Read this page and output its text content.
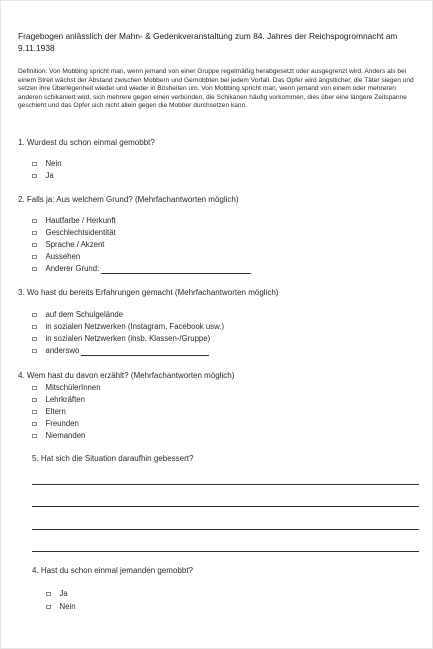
Fragebogen anlässlich der Mahn- & Gedenkveranstaltung zum 84. Jahres der Reichspogromnacht am
9.11.1938
Definition: Von Mobbing spricht man, wenn jemand von einer Gruppe regelmäßig herabgesetzt oder ausgegrenzt wird. Anders als bei einem Streit wächst der Abstand zwischen Mobbern und Gemobbten bei jedem Vorfall. Das Opfer wird ängstlicher, die Täter siegen und setzen ihre Überlegenheit wieder und wieder in Bösheiten um. Von Mobbing spricht man, wenn jemand von einem oder mehreren anderen schikaniert wird, sich mehrere gegen einen verbünden, die Schikanen häufig vorkommen, dies über eine längere Zeitspanne geschieht und das Opfer sich nicht allein gegen die Mobber durchsetzen kann.
1. Wurdest du schon einmal gemobbt?
Nein
Ja
2. Falls ja: Aus welchem Grund? (Mehrfachantworten möglich)
Hautfarbe / Herkunft
Geschlechtsidentität
Sprache / Akzent
Aussehen
Anderer Grund:
3. Wo hast du bereits Erfahrungen gemacht (Mehrfachantworten möglich)
auf dem Schulgelände
in sozialen Netzwerken (Instagram, Facebook usw.)
in sozialen Netzwerken (insb. Klassen-/Gruppe)
anderswo
4. Wem hast du davon erzählt? (Mehrfachantworten möglich)
MitschülerInnen
Lehrkräften
Eltern
Freunden
Niemanden
5. Hat sich die Situation daraufhin gebessert?
4. Hast du schon einmal jemanden gemobbt?
Ja
Nein
